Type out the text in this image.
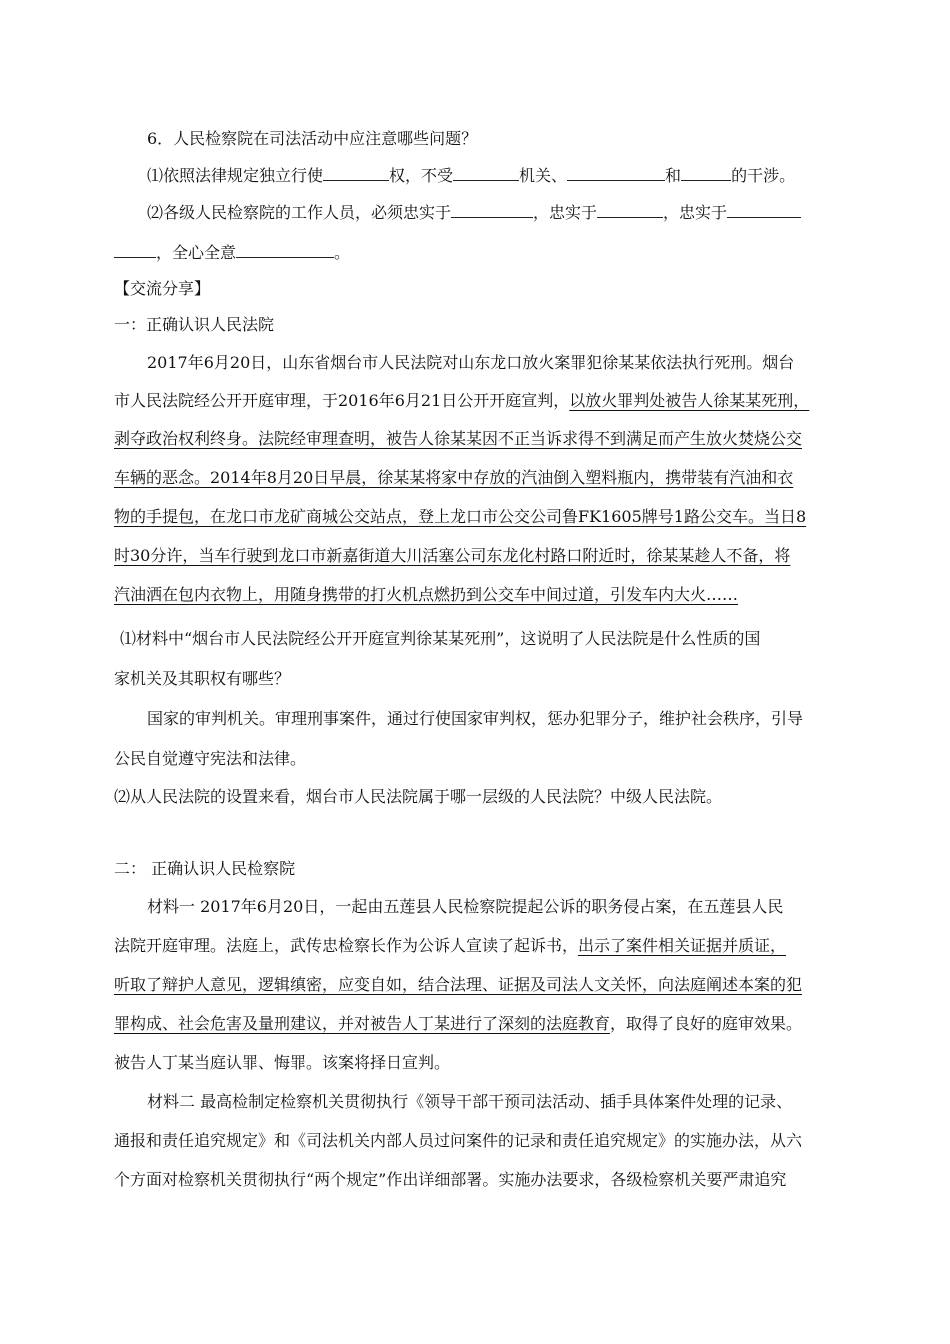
6．人民检察院在司法活动中应注意哪些问题？
⑴依照法律规定独立行使	权，不受	机关、	和	的干涉。
⑵各级人民检察院的工作人员，必须忠实于	，忠实于	，忠实于
，全心全意	。
【交流分享】
一：正确认识人民法院
2017年6月20日，山东省烟台市人民法院对山东龙口放火案罪犯徐某某依法执行死刑。烟台
市人民法院经公开开庭审理，于2016年6月21日公开开庭宣判，以放火罪判处被告人徐某某死刑，
剥夺政治权利终身。法院经审理查明，被告人徐某某因不正当诉求得不到满足而产生放火焚烧公交
车辆的恶念。2014年8月20日早晨，徐某某将家中存放的汽油倒入塑料瓶内，携带装有汽油和衣
物的手提包，在龙口市龙矿商城公交站点，登上龙口市公交公司鲁FK1605牌号1路公交车。当日8
时30分许，当车行驶到龙口市新嘉街道大川活塞公司东龙化村路口附近时，徐某某趁人不备，将
汽油洒在包内衣物上，用随身携带的打火机点燃扔到公交车中间过道，引发车内大火……
⑴材料中“烟台市人民法院经公开开庭宣判徐某某死刑”，这说明了人民法院是什么性质的国
家机关及其职权有哪些？
国家的审判机关。审理刑事案件，通过行使国家审判权，惩办犯罪分子，维护社会秩序，引导
公民自觉遵守宪法和法律。
⑵从人民法院的设置来看，烟台市人民法院属于哪一层级的人民法院？中级人民法院。
二： 正确认识人民检察院
材料一 2017年6月20日，一起由五莲县人民检察院提起公诉的职务侵占案，在五莲县人民
法院开庭审理。法庭上，武传忠检察长作为公诉人宣读了起诉书，出示了案件相关证据并质证，
听取了辩护人意见，逻辑缜密，应变自如，结合法理、证据及司法人文关怀，向法庭阐述本案的犯
罪构成、社会危害及量刑建议，并对被告人丁某进行了深刻的法庭教育，取得了良好的庭审效果。
被告人丁某当庭认罪、悔罪。该案将择日宣判。
材料二 最高检制定检察机关贯彻执行《领导干部干预司法活动、插手具体案件处理的记录、
通报和责任追究规定》和《司法机关内部人员过问案件的记录和责任追究规定》的实施办法，从六
个方面对检察机关贯彻执行“两个规定”作出详细部署。实施办法要求，各级检察机关要严肃追究
